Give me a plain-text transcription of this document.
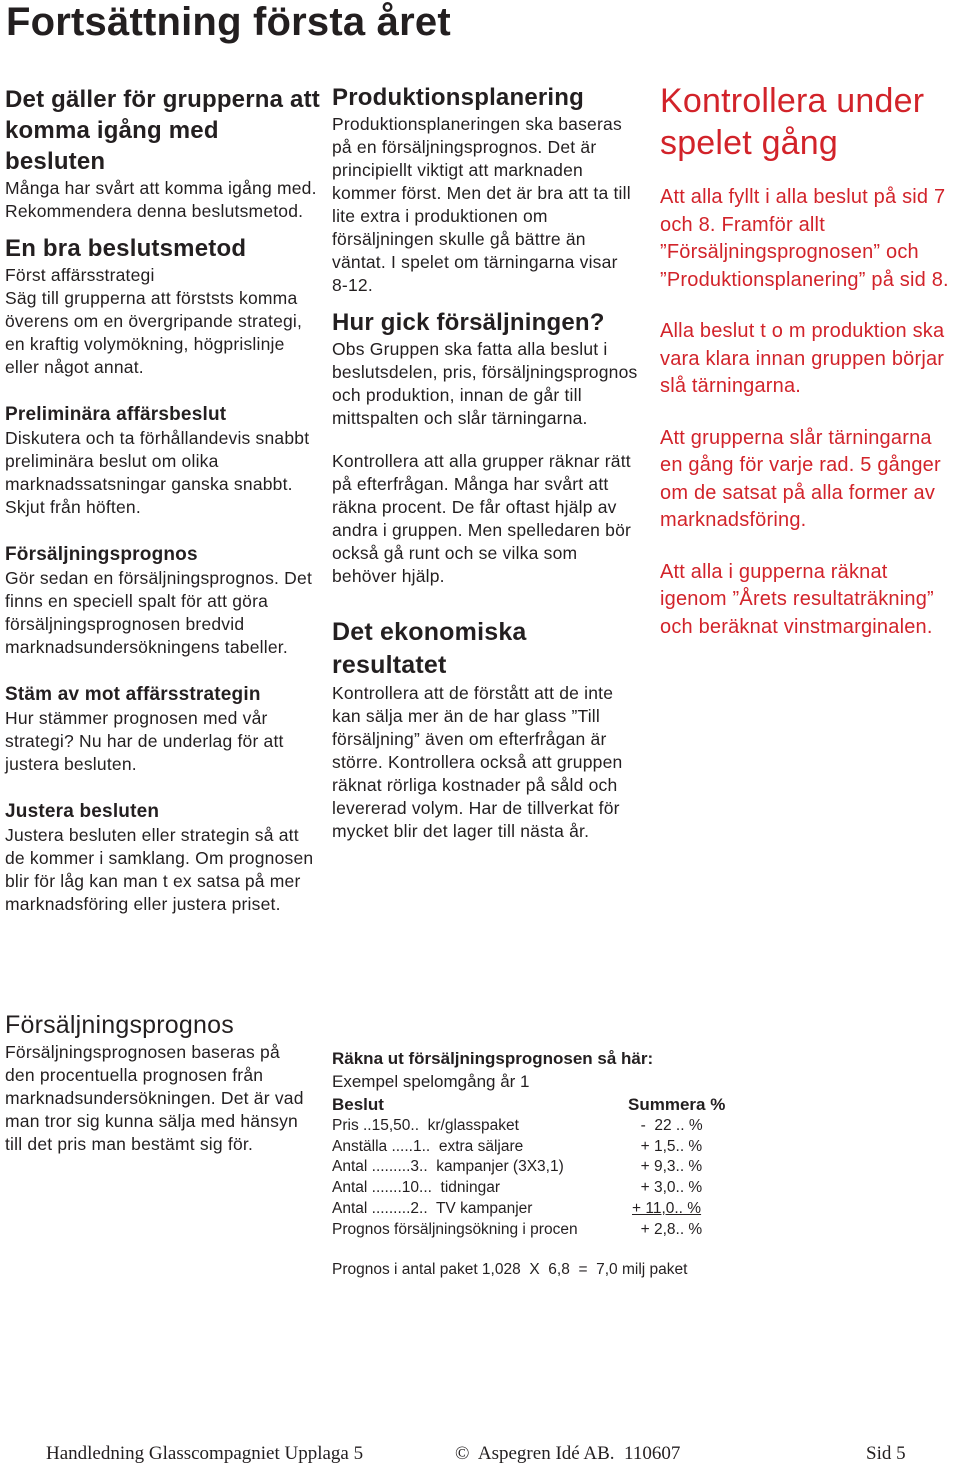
Fortsättning första året
Det gäller för grupperna att komma igång med besluten

Många har svårt att komma igång med. Rekommendera denna beslutsmetod.

En bra beslutsmetod

Först affärsstrategi

Säg till grupperna att förststs komma överens om en övergripande strategi, en kraftig volymökning, högprislinje eller något annat.

Preliminära affärsbeslut

Diskutera och ta förhållandevis snabbt preliminära beslut om olika marknadssatsningar ganska snabbt. Skjut från höften.

Försäljningsprognos

Gör sedan en försäljningsprognos. Det finns en speciell spalt för att göra försäljningsprognosen bredvid marknadsundersökningens tabeller.

Stäm av mot affärsstrategin

Hur stämmer prognosen med vår strategi? Nu har de underlag för att justera besluten.

Justera besluten

Justera besluten eller strategin så att de kommer i samklang. Om prognosen blir för låg kan man t ex satsa på mer marknadsföring eller justera priset.

Försäljningsprognos

Försäljningsprognosen baseras på den procentuella prognosen från marknadsundersökningen. Det är vad man tror sig kunna sälja med hänsyn till det pris man bestämt sig för.

Produktionsplanering

Produktionsplaneringen ska baseras på en försäljningsprognos. Det är principiellt viktigt att marknaden kommer först. Men det är bra att ta till lite extra i produktionen om försäljningen skulle gå bättre än väntat. I spelet om tärningarna visar 8-12.

Hur gick försäljningen?

Obs Gruppen ska fatta alla beslut i beslutsdelen, pris, försäljningsprognos och produktion, innan de går till mittspalten och slår tärningarna.

Kontrollera att alla grupper räknar rätt på efterfrågan. Många har svårt att räkna procent. De får oftast hjälp av andra i gruppen. Men spelledaren bör också gå runt och se vilka som behöver hjälp.

Det ekonomiska resultatet

Kontrollera att de förstått att de inte kan sälja mer än de har glass ”Till försäljning” även om efterfrågan är större. Kontrollera också att gruppen räknat rörliga kostnader på såld och levererad volym. Har de tillverkat för mycket blir det lager till nästa år.

Kontrollera under spelet gång

Att alla fyllt i alla beslut på sid 7 och 8. Framför allt ”Försäljningsprognosen” och ”Produktionsplanering” på sid 8.

Alla beslut t o m produktion ska vara klara innan gruppen börjar slå tärningarna.

Att grupperna slår tärningarna en gång för varje rad. 5 gånger om de satsat på alla former av marknadsföring.

Att alla i gupperna räknat igenom ”Årets resultaträkning” och beräknat vinstmarginalen.

Räkna ut försäljningsprognosen så här:

Exempel spelomgång år 1

Beslut	Summera %
Pris ..15,50..  kr/glasspaket	-  22 .. %
Anställa .....1..  extra säljare	+ 1,5.. %
Antal .........3..  kampanjer (3X3,1)	+ 9,3.. %
Antal .......10...  tidningar	+ 3,0.. %
Antal .........2..  TV kampanjer	+ 11,0.. %
Prognos försäljningsökning i procen	+ 2,8.. %

Prognos i antal paket 1,028  X  6,8  =  7,0 milj paket

Handledning Glasscompagniet Upplaga 5	©  Aspegren Idé AB.  110607	Sid 5
